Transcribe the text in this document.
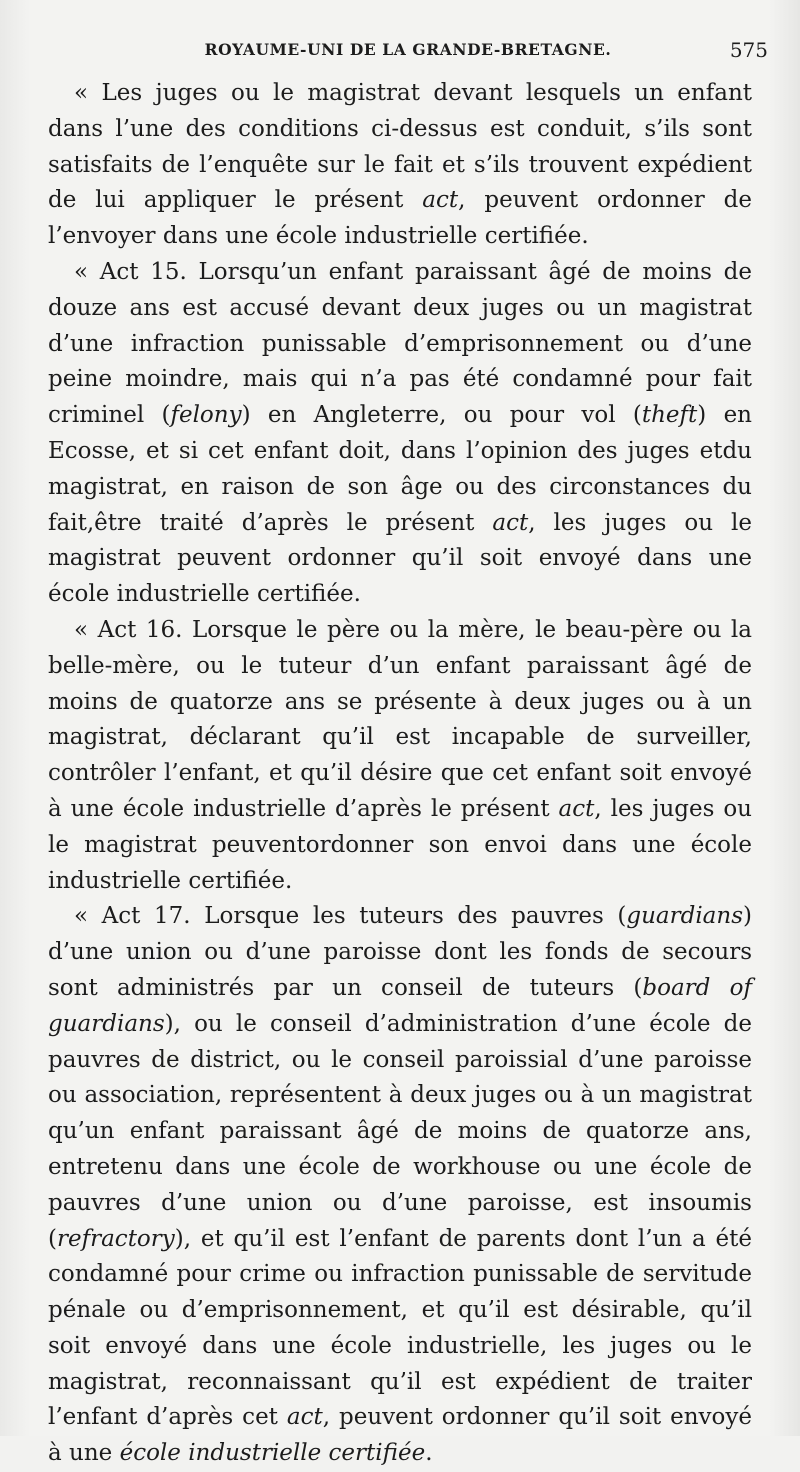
ROYAUME-UNI DE LA GRANDE-BRETAGNE.	575

« Les juges ou le magistrat devant lesquels un enfant dans l’une des conditions ci-dessus est conduit, s’ils sont satisfaits de l’enquête sur le fait et s’ils trouvent expédient de lui appliquer le présent act, peuvent ordonner de l’envoyer dans une école industrielle certifiée.

« Act 15. Lorsqu’un enfant paraissant âgé de moins de douze ans est accusé devant deux juges ou un magistrat d’une infraction punissable d’emprisonnement ou d’une peine moindre, mais qui n’a pas été condamné pour fait criminel (felony) en Angleterre, ou pour vol (theft) en Ecosse, et si cet enfant doit, dans l’opinion des juges etdu magistrat, en raison de son âge ou des circonstances du fait,être traité d’après le présent act, les juges ou le magistrat peuvent ordonner qu’il soit envoyé dans une école industrielle certifiée.

« Act 16. Lorsque le père ou la mère, le beau-père ou la belle-mère, ou le tuteur d’un enfant paraissant âgé de moins de quatorze ans se présente à deux juges ou à un magistrat, déclarant qu’il est incapable de surveiller, contrôler l’enfant, et qu’il désire que cet enfant soit envoyé à une école industrielle d’après le présent act, les juges ou le magistrat peuventordonner son envoi dans une école industrielle certifiée.

« Act 17. Lorsque les tuteurs des pauvres (guardians) d’une union ou d’une paroisse dont les fonds de secours sont administrés par un conseil de tuteurs (board of guardians), ou le conseil d’administration d’une école de pauvres de district, ou le conseil paroissial d’une paroisse ou association, représentent à deux juges ou à un magistrat qu’un enfant paraissant âgé de moins de quatorze ans, entretenu dans une école de workhouse ou une école de pauvres d’une union ou d’une paroisse, est insoumis (refractory), et qu’il est l’enfant de parents dont l’un a été condamné pour crime ou infraction punissable de servitude pénale ou d’emprisonnement, et qu’il est désirable, qu’il soit envoyé dans une école industrielle, les juges ou le magistrat, reconnaissant qu’il est expédient de traiter l’enfant d’après cet act, peuvent ordonner qu’il soit envoyé à une école industrielle certifiée.
